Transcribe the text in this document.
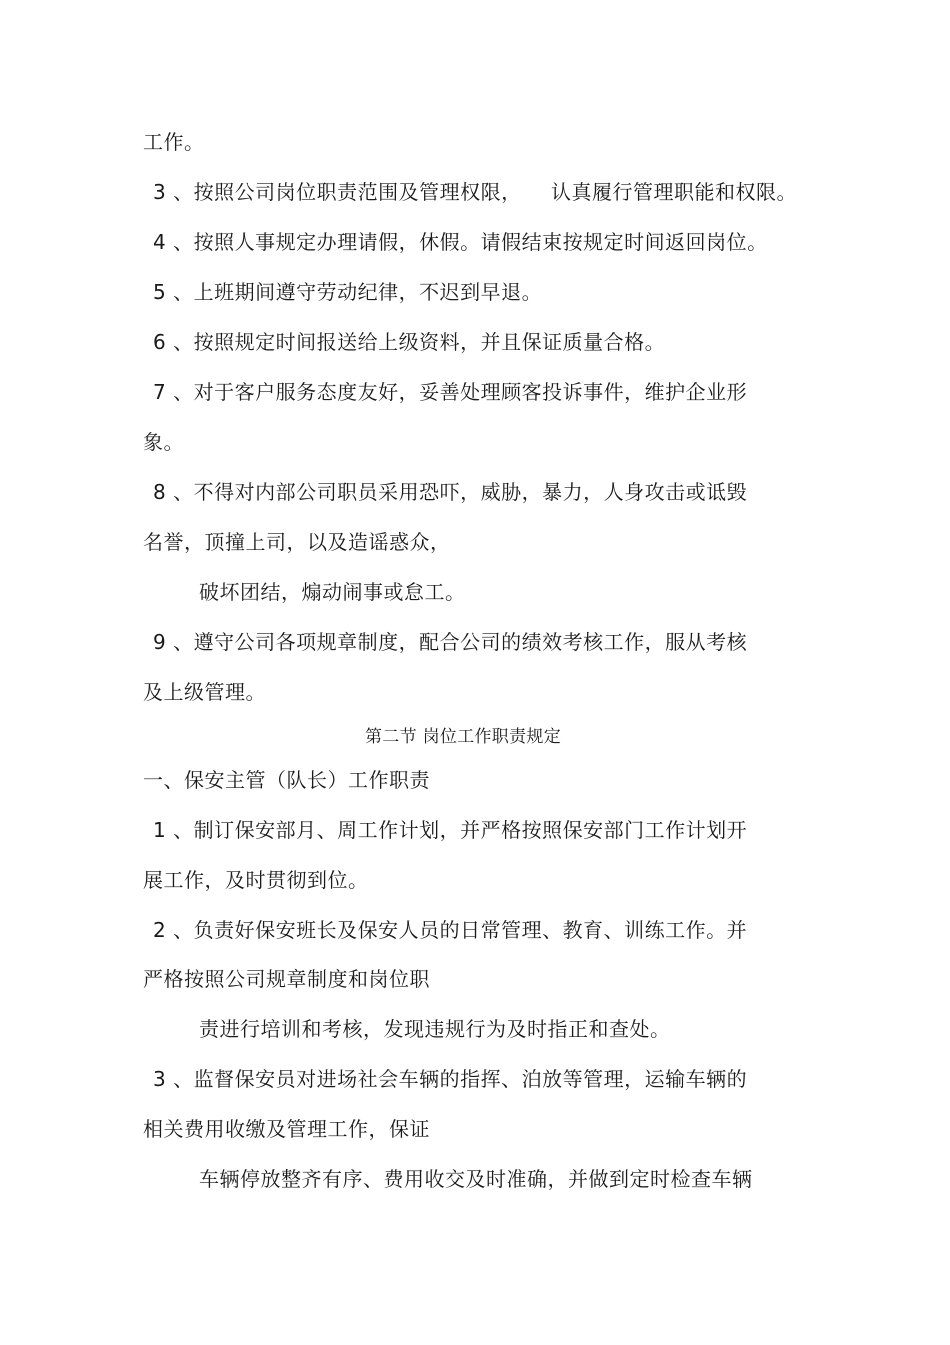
工作。
3 、按照公司岗位职责范围及管理权限， 认真履行管理职能和权限。
4 、按照人事规定办理请假，休假。请假结束按规定时间返回岗位。
5 、上班期间遵守劳动纪律，不迟到早退。
6 、按照规定时间报送给上级资料，并且保证质量合格。
7 、对于客户服务态度友好，妥善处理顾客投诉事件，维护企业形
象。
8 、不得对内部公司职员采用恐吓，威胁，暴力，人身攻击或诋毁
名誉，顶撞上司，以及造谣惑众，
破坏团结，煽动闹事或怠工。
9 、遵守公司各项规章制度，配合公司的绩效考核工作，服从考核
及上级管理。
第二节 岗位工作职责规定
一、保安主管（队长）工作职责
1 、制订保安部月、周工作计划，并严格按照保安部门工作计划开
展工作，及时贯彻到位。
2 、负责好保安班长及保安人员的日常管理、教育、训练工作。并
严格按照公司规章制度和岗位职
责进行培训和考核，发现违规行为及时指正和查处。
3 、监督保安员对进场社会车辆的指挥、泊放等管理，运输车辆的
相关费用收缴及管理工作，保证
车辆停放整齐有序、费用收交及时准确，并做到定时检查车辆
